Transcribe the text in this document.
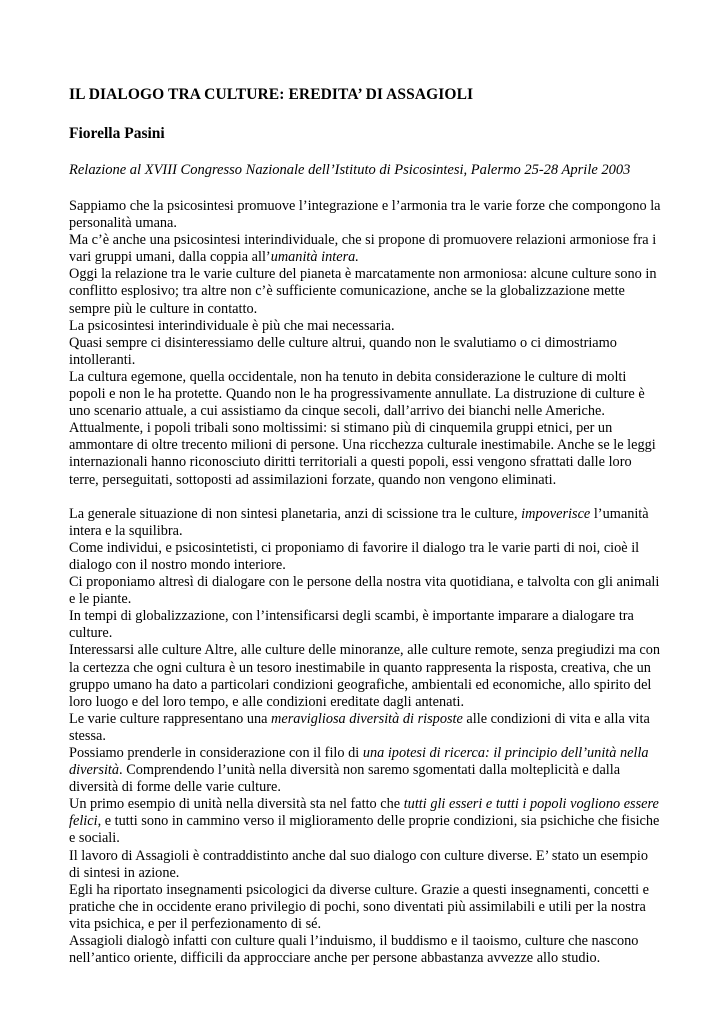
IL DIALOGO TRA CULTURE: EREDITA’ DI ASSAGIOLI
Fiorella Pasini
Relazione al XVIII Congresso Nazionale dell’Istituto di Psicosintesi, Palermo 25-28 Aprile 2003

Sappiamo che la psicosintesi promuove l’integrazione e l’armonia tra le varie forze che compongono la personalità umana.

Ma c’è anche una psicosintesi interindividuale, che si propone di promuovere relazioni armoniose fra i vari gruppi umani, dalla coppia all’umanità intera.

Oggi la relazione tra le varie culture del pianeta è marcatamente non armoniosa: alcune culture sono in conflitto esplosivo; tra altre non c’è sufficiente comunicazione, anche se la globalizzazione mette sempre più le culture in contatto.

La psicosintesi interindividuale è più che mai necessaria.

Quasi sempre ci disinteressiamo delle culture altrui, quando non le svalutiamo o ci dimostriamo intolleranti.

La cultura egemone, quella occidentale, non ha tenuto in debita considerazione le culture di molti popoli e non le ha protette. Quando non le ha progressivamente annullate. La distruzione di culture è uno scenario attuale, a cui assistiamo da cinque secoli, dall’arrivo dei bianchi nelle Americhe.

Attualmente, i popoli tribali sono moltissimi: si stimano più di cinquemila gruppi etnici, per un ammontare di oltre trecento milioni di persone. Una ricchezza culturale inestimabile. Anche se le leggi internazionali hanno riconosciuto diritti territoriali a questi popoli, essi vengono sfrattati dalle loro terre, perseguitati, sottoposti ad assimilazioni forzate, quando non vengono eliminati.

La generale situazione di non sintesi planetaria, anzi di scissione tra le culture, impoverisce l’umanità intera e la squilibra.

Come individui, e psicosintetisti, ci proponiamo di favorire il dialogo tra le varie parti di noi, cioè il dialogo con il nostro mondo interiore.

Ci proponiamo altresì di dialogare con le persone della nostra vita quotidiana, e talvolta con gli animali e le piante.

In tempi di globalizzazione, con l’intensificarsi degli scambi, è importante imparare a dialogare tra culture.

Interessarsi alle culture Altre, alle culture delle minoranze, alle culture remote, senza pregiudizi ma con la certezza che ogni cultura è un tesoro inestimabile in quanto rappresenta la risposta, creativa, che un gruppo umano ha dato a particolari condizioni geografiche, ambientali ed economiche, allo spirito del loro luogo e del loro tempo, e alle condizioni ereditate dagli antenati.

Le varie culture rappresentano una meravigliosa diversità di risposte alle condizioni di vita e alla vita stessa.

Possiamo prenderle in considerazione con il filo di una ipotesi di ricerca: il principio dell’unità nella diversità. Comprendendo l’unità nella diversità non saremo sgomentati dalla molteplicità e dalla diversità di forme delle varie culture.

Un primo esempio di unità nella diversità sta nel fatto che tutti gli esseri e tutti i popoli vogliono essere felici, e tutti sono in cammino verso il miglioramento delle proprie condizioni, sia psichiche che fisiche e sociali.

Il lavoro di Assagioli è contraddistinto anche dal suo dialogo con culture diverse. E’ stato un esempio di sintesi in azione.

Egli ha riportato insegnamenti psicologici da diverse culture. Grazie a questi insegnamenti, concetti e pratiche che in occidente erano privilegio di pochi, sono diventati più assimilabili e utili per la nostra vita psichica, e per il perfezionamento di sé.

Assagioli dialogò infatti con culture quali l’induismo, il buddismo e il taoismo, culture che nascono nell’antico oriente, difficili da approcciare anche per persone abbastanza avvezze allo studio.
